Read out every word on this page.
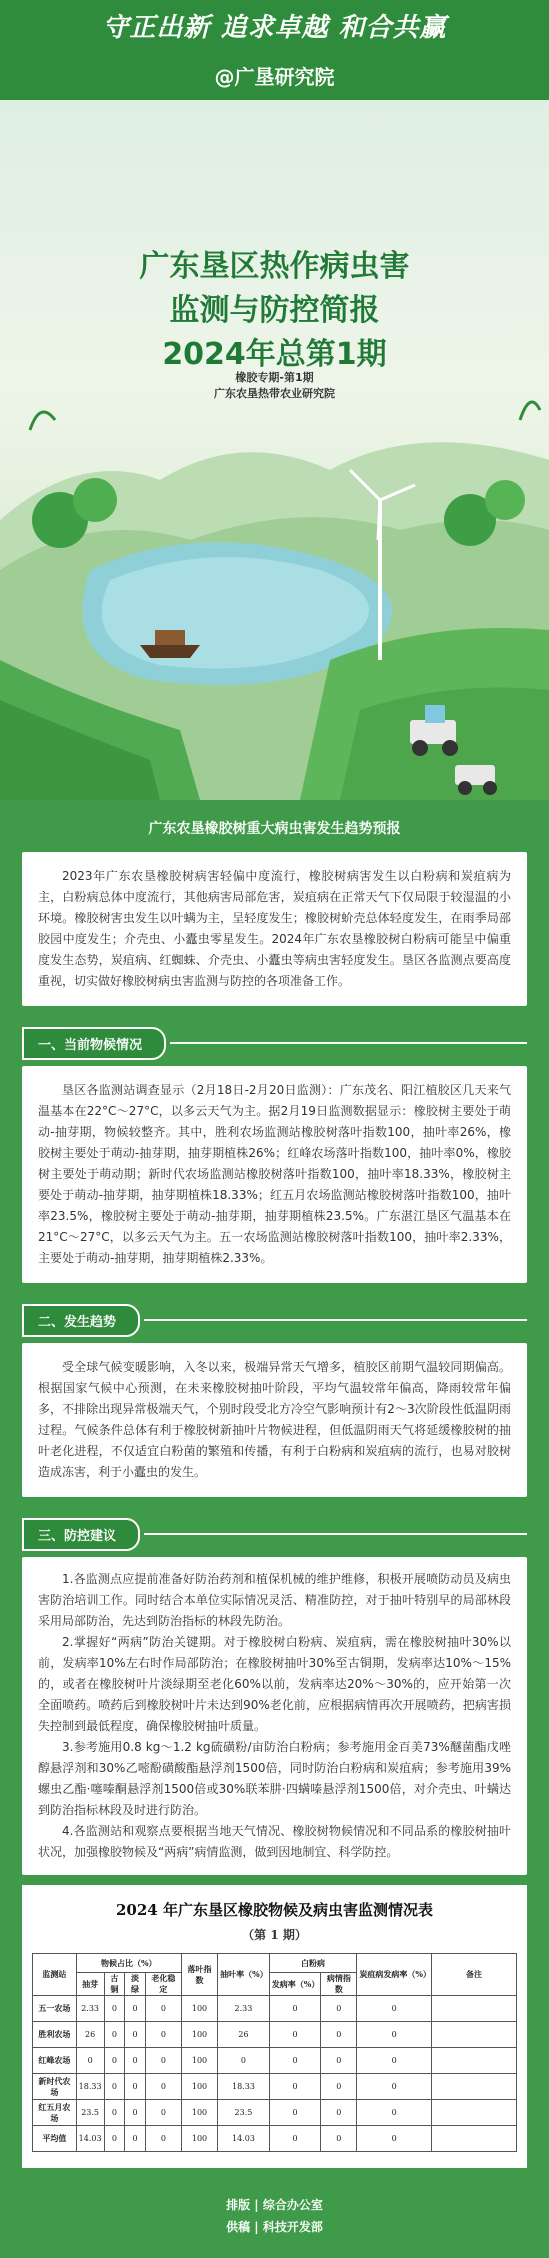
守正出新 追求卓越 和合共赢
@广垦研究院
广东垦区热作病虫害
监测与防控简报
2024年总第1期
橡胶专期-第1期
广东农垦热带农业研究院
广东农垦橡胶树重大病虫害发生趋势预报

2023年广东农垦橡胶树病害轻偏中度流行，橡胶树病害发生以白粉病和炭疽病为主，白粉病总体中度流行，其他病害局部危害，炭疽病在正常天气下仅局限于较湿温的小环境。橡胶树害虫发生以叶螨为主，呈轻度发生；橡胶树蚧壳总体轻度发生，在雨季局部胶园中度发生；介壳虫、小蠹虫零星发生。2024年广东农垦橡胶树白粉病可能呈中偏重度发生态势，炭疽病、红蜘蛛、介壳虫、小蠹虫等病虫害轻度发生。垦区各监测点要高度重视，切实做好橡胶树病虫害监测与防控的各项准备工作。

一、当前物候情况

垦区各监测站调查显示（2月18日-2月20日监测）：广东茂名、阳江植胶区几天来气温基本在22°C～27°C，以多云天气为主。据2月19日监测数据显示：橡胶树主要处于萌动-抽芽期，物候较整齐。其中，胜利农场监测站橡胶树落叶指数100，抽叶率26%，橡胶树主要处于萌动-抽芽期，抽芽期植株26%；红峰农场落叶指数100，抽叶率0%，橡胶树主要处于萌动期；新时代农场监测站橡胶树落叶指数100，抽叶率18.33%，橡胶树主要处于萌动-抽芽期，抽芽期植株18.33%；红五月农场监测站橡胶树落叶指数100，抽叶率23.5%，橡胶树主要处于萌动-抽芽期，抽芽期植株23.5%。广东湛江垦区气温基本在21°C～27°C，以多云天气为主。五一农场监测站橡胶树落叶指数100，抽叶率2.33%，主要处于萌动-抽芽期，抽芽期植株2.33%。

二、发生趋势

受全球气候变暖影响，入冬以来，极端异常天气增多，植胶区前期气温较同期偏高。根据国家气候中心预测，在未来橡胶树抽叶阶段，平均气温较常年偏高，降雨较常年偏多，不排除出现异常极端天气，个别时段受北方冷空气影响预计有2～3次阶段性低温阴雨过程。气候条件总体有利于橡胶树新抽叶片物候进程，但低温阴雨天气将延缓橡胶树的抽叶老化进程，不仅适宜白粉菌的繁殖和传播，有利于白粉病和炭疽病的流行，也易对胶树造成冻害，利于小蠹虫的发生。

三、防控建议

1.各监测点应提前准备好防治药剂和植保机械的维护维修，积极开展喷防动员及病虫害防治培训工作。同时结合本单位实际情况灵活、精准防控，对于抽叶特别早的局部林段采用局部防治，先达到防治指标的林段先防治。

2.掌握好“两病”防治关键期。对于橡胶树白粉病、炭疽病，需在橡胶树抽叶30%以前，发病率10%左右时作局部防治；在橡胶树抽叶30%至古铜期，发病率达10%～15%的，或者在橡胶树叶片淡绿期至老化60%以前，发病率达20%～30%的，应开始第一次全面喷药。喷药后到橡胶树叶片未达到90%老化前，应根据病情再次开展喷药，把病害损失控制到最低程度，确保橡胶树抽叶质量。

3.参考施用0.8 kg～1.2 kg硫磺粉/亩防治白粉病；参考施用金百美73%醚菌酯戊唑醇悬浮剂和30%乙嘧酚磺酸酯悬浮剂1500倍，同时防治白粉病和炭疽病；参考施用39%螺虫乙酯·噻嗪酮悬浮剂1500倍或30%联苯肼·四螨嗪悬浮剂1500倍，对介壳虫、叶螨达到防治指标林段及时进行防治。

4.各监测站和观察点要根据当地天气情况、橡胶树物候情况和不同品系的橡胶树抽叶状况，加强橡胶物候及“两病”病情监测，做到因地制宜、科学防控。

2024 年广东垦区橡胶物候及病虫害监测情况表
（第 1 期）
监测站	物候占比（%）				落叶指数	抽叶率（%）	白粉病		炭疽病发病率（%）	备注
	抽芽	古铜	淡绿	老化稳定			发病率（%）	病情指数		
五一农场	2.33	0	0	0	100	2.33	0	0	0	
胜利农场	26	0	0	0	100	26	0	0	0	
红峰农场	0	0	0	0	100	0	0	0	0	
新时代农场	18.33	0	0	0	100	18.33	0	0	0	
红五月农场	23.5	0	0	0	100	23.5	0	0	0	
平均值	14.03	0	0	0	100	14.03	0	0	0	
排版 | 综合办公室
供稿 | 科技开发部
